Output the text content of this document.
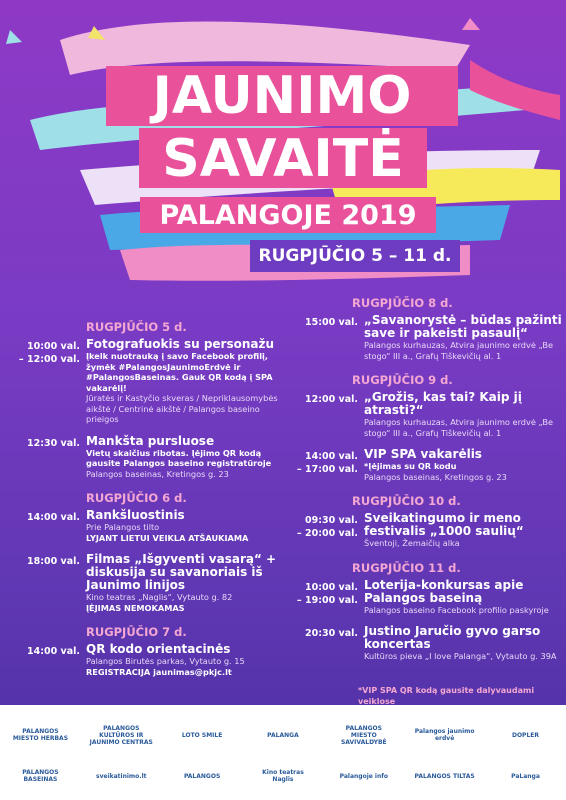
JAUNIMO
SAVAITĖ
PALANGOJE 2019
RUGPJŪČIO 5 – 11 d.
RUGPJŪČIO 5 d.
10:00 val.
– 12:00 val.
Fotografuokis su personažu
Įkelk nuotrauką į savo Facebook profilį, žymėk #PalangosJaunimoErdvė ir #PalangosBaseinas. Gauk QR kodą į SPA vakarėlį!
Jūratės ir Kastyčio skveras / Nepriklausomybės aikštė / Centrinė aikštė / Palangos baseino prieigos
12:30 val. Mankšta pursluose
Vietų skaičius ribotas. Įėjimo QR kodą gausite Palangos baseino registratūroje
Palangos baseinas, Kretingos g. 23
RUGPJŪČIO 6 d.
14:00 val. Rankšluostinis
Prie Palangos tilto
LYJANT LIETUI VEIKLA ATŠAUKIAMA
18:00 val. Filmas „Išgyventi vasarą“ + diskusija su savanoriais iš Jaunimo linijos
Kino teatras „Naglis“, Vytauto g. 82
ĮĖJIMAS NEMOKAMAS
RUGPJŪČIO 7 d.
14:00 val. QR kodo orientacinės
Palangos Birutės parkas, Vytauto g. 15
REGISTRACIJA jaunimas@pkjc.lt
RUGPJŪČIO 8 d.
15:00 val. „Savanorystė – būdas pažinti save ir pakeisti pasaulį“
Palangos kurhauzas, Atvira jaunimo erdvė „Be stogo“ III a., Grafų Tiškevičių al. 1
RUGPJŪČIO 9 d.
12:00 val. „Grožis, kas tai? Kaip jį atrasti?“
Palangos kurhauzas, Atvira jaunimo erdvė „Be stogo“ III a., Grafų Tiškevičių al. 1
14:00 val.
– 17:00 val.
VIP SPA vakarėlis
*Įėjimas su QR kodu
Palangos baseinas, Kretingos g. 23
RUGPJŪČIO 10 d.
09:30 val.
– 20:00 val.
Sveikatingumo ir meno festivalis „1000 saulių“
Šventoji, Žemaičių alka
RUGPJŪČIO 11 d.
10:00 val.
– 19:00 val.
Loterija-konkursas apie Palangos baseiną
Palangos baseino Facebook profilio paskyroje
20:30 val. Justino Jaručio gyvo garso koncertas
Kultūros pieva „I love Palanga“, Vytauto g. 39A
*VIP SPA QR kodą gausite dalyvaudami veiklose
PALANGOS MIESTO HERBAS
PALANGOS KULTŪROS IR JAUNIMO CENTRAS
LOTO SMILE	PALANGA
PALANGOS MIESTO SAVIVALDYBĖ
Palangos jaunimo erdvė	DOPLER
PALANGOS BASEINAS	sveikatinimo.lt	PALANGOS	Kino teatras Naglis	Palangoje info	PALANGOS TILTAS	PaLanga
